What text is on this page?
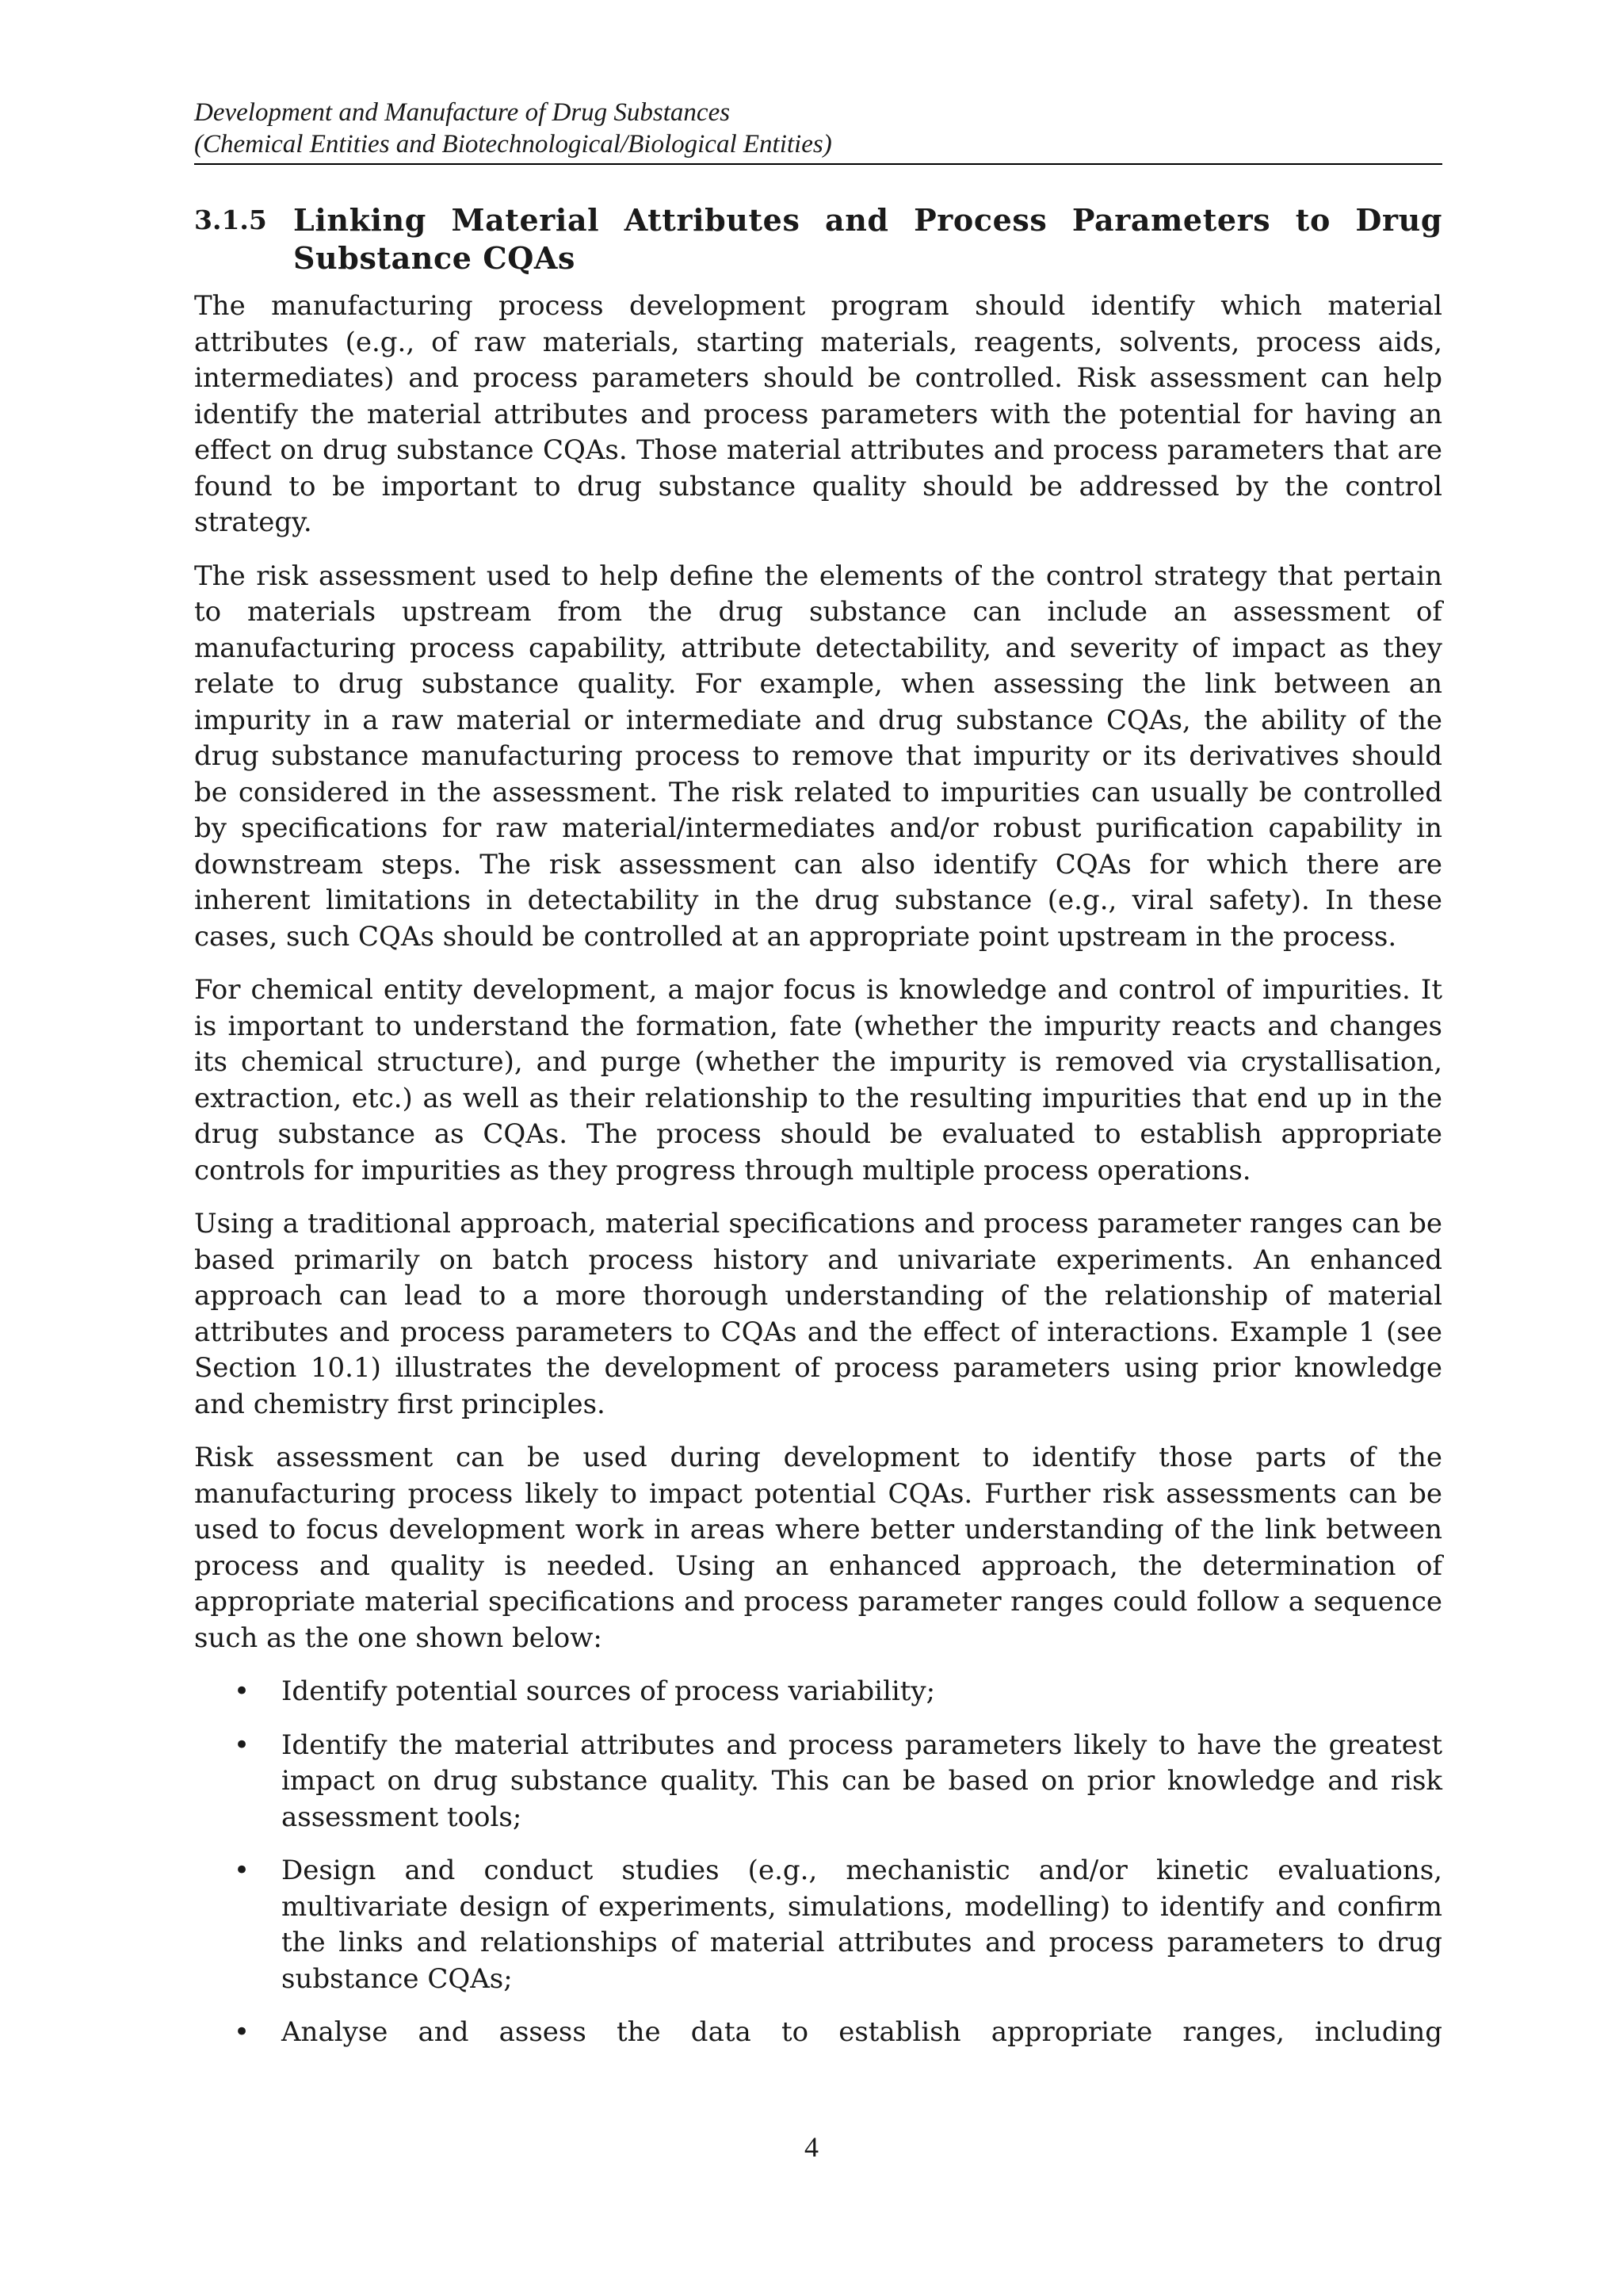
Development and Manufacture of Drug Substances
(Chemical Entities and Biotechnological/Biological Entities)
3.1.5 Linking Material Attributes and Process Parameters to Drug Substance CQAs

The manufacturing process development program should identify which material attributes (e.g., of raw materials, starting materials, reagents, solvents, process aids, intermediates) and process parameters should be controlled. Risk assessment can help identify the material attributes and process parameters with the potential for having an effect on drug substance CQAs. Those material attributes and process parameters that are found to be important to drug substance quality should be addressed by the control strategy.

The risk assessment used to help define the elements of the control strategy that pertain to materials upstream from the drug substance can include an assessment of manufacturing process capability, attribute detectability, and severity of impact as they relate to drug substance quality. For example, when assessing the link between an impurity in a raw material or intermediate and drug substance CQAs, the ability of the drug substance manufacturing process to remove that impurity or its derivatives should be considered in the assessment. The risk related to impurities can usually be controlled by specifications for raw material/intermediates and/or robust purification capability in downstream steps. The risk assessment can also identify CQAs for which there are inherent limitations in detectability in the drug substance (e.g., viral safety). In these cases, such CQAs should be controlled at an appropriate point upstream in the process.

For chemical entity development, a major focus is knowledge and control of impurities. It is important to understand the formation, fate (whether the impurity reacts and changes its chemical structure), and purge (whether the impurity is removed via crystallisation, extraction, etc.) as well as their relationship to the resulting impurities that end up in the drug substance as CQAs. The process should be evaluated to establish appropriate controls for impurities as they progress through multiple process operations.

Using a traditional approach, material specifications and process parameter ranges can be based primarily on batch process history and univariate experiments. An enhanced approach can lead to a more thorough understanding of the relationship of material attributes and process parameters to CQAs and the effect of interactions. Example 1 (see Section 10.1) illustrates the development of process parameters using prior knowledge and chemistry first principles.

Risk assessment can be used during development to identify those parts of the manufacturing process likely to impact potential CQAs. Further risk assessments can be used to focus development work in areas where better understanding of the link between process and quality is needed. Using an enhanced approach, the determination of appropriate material specifications and process parameter ranges could follow a sequence such as the one shown below:

• Identify potential sources of process variability;
• Identify the material attributes and process parameters likely to have the greatest impact on drug substance quality. This can be based on prior knowledge and risk assessment tools;
• Design and conduct studies (e.g., mechanistic and/or kinetic evaluations, multivariate design of experiments, simulations, modelling) to identify and confirm the links and relationships of material attributes and process parameters to drug substance CQAs;
• Analyse and assess the data to establish appropriate ranges, including
4
